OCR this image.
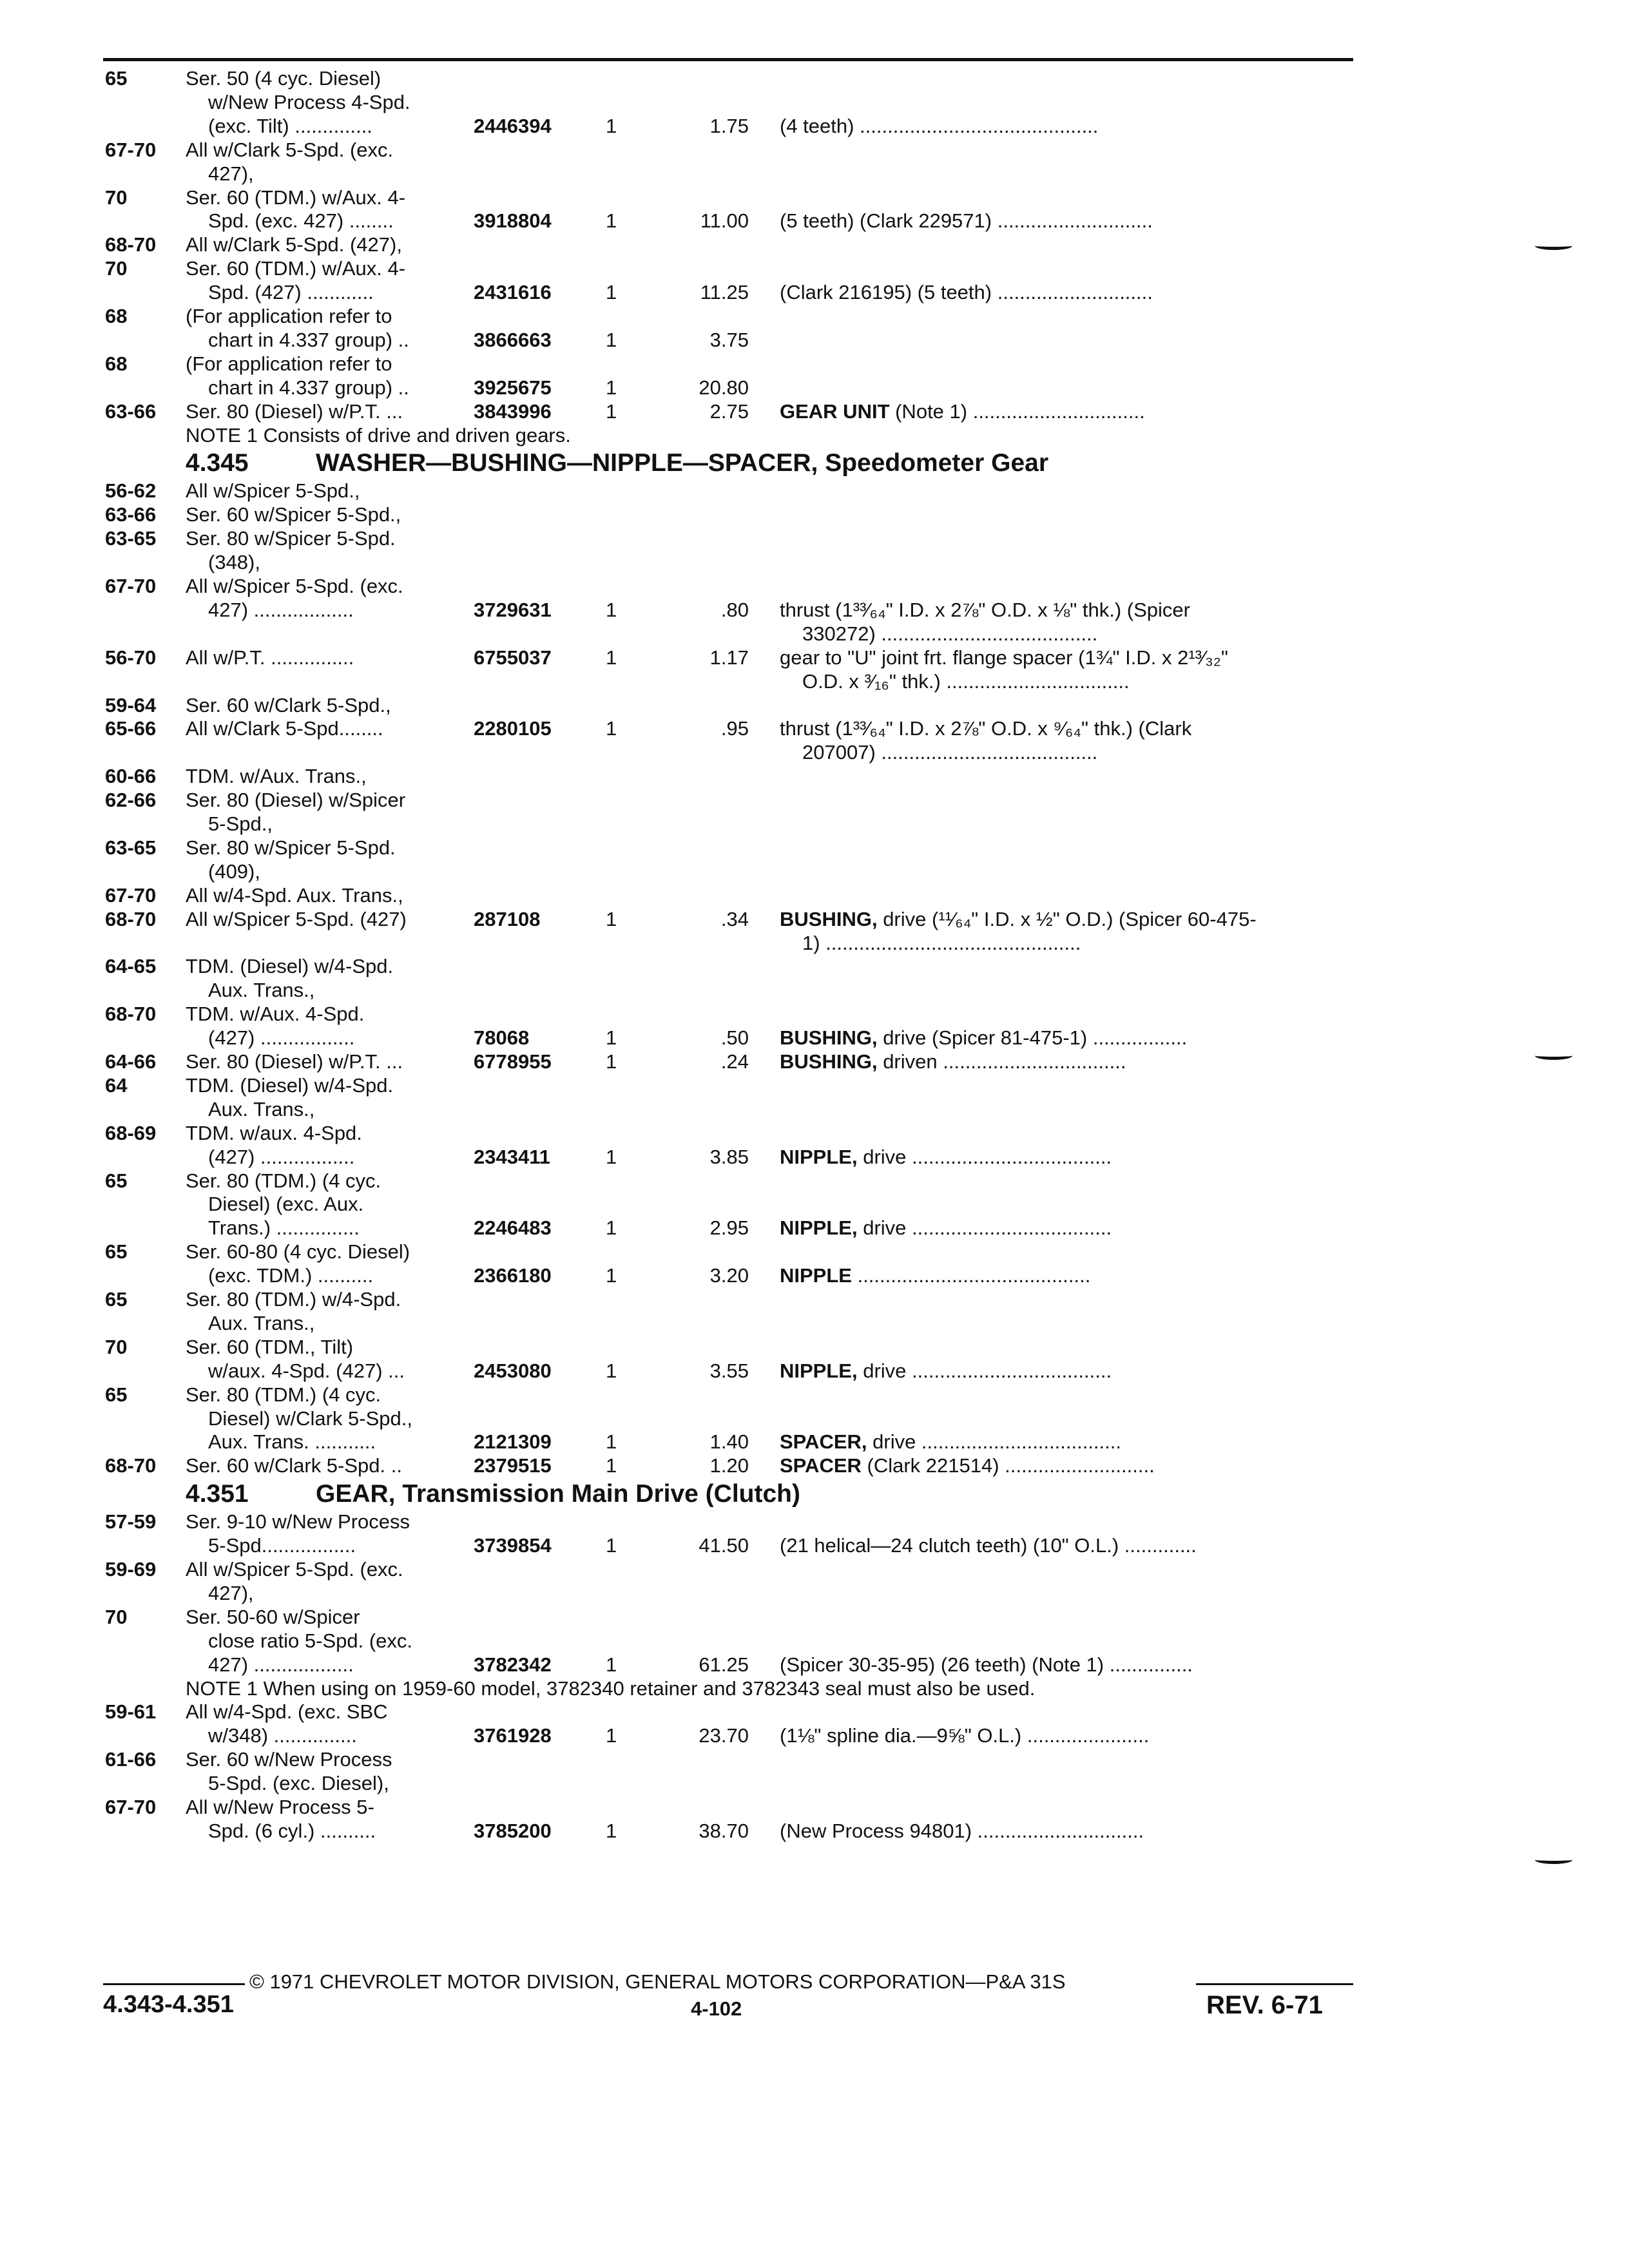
65	Ser. 50 (4 cyc. Diesel)
w/New Process 4-Spd.
(exc. Tilt) ..............	2446394	1	1.75 (4 teeth) ...........................................
67-70 All w/Clark 5-Spd. (exc.
427),
70	Ser. 60 (TDM.) w/Aux. 4-
Spd. (exc. 427) ........	3918804	1	11.00 (5 teeth) (Clark 229571) ............................
68-70 All w/Clark 5-Spd. (427),
70	Ser. 60 (TDM.) w/Aux. 4-
Spd. (427) ............	2431616	1	11.25 (Clark 216195) (5 teeth) ............................
68	(For application refer to
chart in 4.337 group) ..	3866663	1	3.75
68	(For application refer to
chart in 4.337 group) ..	3925675	1	20.80
63-66 Ser. 80 (Diesel) w/P.T. ...	3843996	1	2.75 GEAR UNIT (Note 1) ...............................
NOTE 1 Consists of drive and driven gears.
4.345	WASHER—BUSHING—NIPPLE—SPACER, Speedometer Gear
56-62 All w/Spicer 5-Spd.,
63-66 Ser. 60 w/Spicer 5-Spd.,
63-65 Ser. 80 w/Spicer 5-Spd.
(348),
67-70 All w/Spicer 5-Spd. (exc.
427) ..................	3729631	1	.80 thrust (1³³⁄₆₄" I.D. x 2⅞" O.D. x ⅛" thk.) (Spicer
330272) .......................................
56-70 All w/P.T. ...............	6755037	1	1.17 gear to "U" joint frt. flange spacer (1¾" I.D. x 2¹³⁄₃₂"
O.D. x ³⁄₁₆" thk.) .................................
59-64 Ser. 60 w/Clark 5-Spd.,
65-66 All w/Clark 5-Spd........	2280105	1	.95 thrust (1³³⁄₆₄" I.D. x 2⅞" O.D. x ⁹⁄₆₄" thk.) (Clark
207007) .......................................
60-66 TDM. w/Aux. Trans.,
62-66 Ser. 80 (Diesel) w/Spicer
5-Spd.,
63-65 Ser. 80 w/Spicer 5-Spd.
(409),
67-70 All w/4-Spd. Aux. Trans.,
68-70 All w/Spicer 5-Spd. (427)	287108	1	.34 BUSHING, drive (¹¹⁄₆₄" I.D. x ½" O.D.) (Spicer 60-475-
1) ..............................................
64-65 TDM. (Diesel) w/4-Spd.
Aux. Trans.,
68-70 TDM. w/Aux. 4-Spd.
(427) .................	78068	1	.50 BUSHING, drive (Spicer 81-475-1) .................
64-66 Ser. 80 (Diesel) w/P.T. ...	6778955	1	.24 BUSHING, driven .................................
64	TDM. (Diesel) w/4-Spd.
Aux. Trans.,
68-69 TDM. w/aux. 4-Spd.
(427) .................	2343411	1	3.85 NIPPLE, drive ....................................
65	Ser. 80 (TDM.) (4 cyc.
Diesel) (exc. Aux.
Trans.) ...............	2246483	1	2.95 NIPPLE, drive ....................................
65	Ser. 60-80 (4 cyc. Diesel)
(exc. TDM.) ..........	2366180	1	3.20 NIPPLE ..........................................
65	Ser. 80 (TDM.) w/4-Spd.
Aux. Trans.,
70	Ser. 60 (TDM., Tilt)
w/aux. 4-Spd. (427) ...	2453080	1	3.55 NIPPLE, drive ....................................
65	Ser. 80 (TDM.) (4 cyc.
Diesel) w/Clark 5-Spd.,
Aux. Trans. ...........	2121309	1	1.40 SPACER, drive ....................................
68-70 Ser. 60 w/Clark 5-Spd. ..	2379515	1	1.20 SPACER (Clark 221514) ...........................
4.351	GEAR, Transmission Main Drive (Clutch)
57-59 Ser. 9-10 w/New Process
5-Spd.................	3739854	1	41.50 (21 helical—24 clutch teeth) (10" O.L.) .............
59-69 All w/Spicer 5-Spd. (exc.
427),
70	Ser. 50-60 w/Spicer
close ratio 5-Spd. (exc.
427) ..................	3782342	1	61.25 (Spicer 30-35-95) (26 teeth) (Note 1) ...............
NOTE 1 When using on 1959-60 model, 3782340 retainer and 3782343 seal must also be used.
59-61 All w/4-Spd. (exc. SBC
w/348) ...............	3761928	1	23.70 (1⅛" spline dia.—9⅝" O.L.) ......................
61-66 Ser. 60 w/New Process
5-Spd. (exc. Diesel),
67-70 All w/New Process 5-
Spd. (6 cyl.) ..........	3785200	1	38.70 (New Process 94801) ..............................
© 1971 CHEVROLET MOTOR DIVISION, GENERAL MOTORS CORPORATION—P&A 31S
4.343-4.351	4-102	REV. 6-71
